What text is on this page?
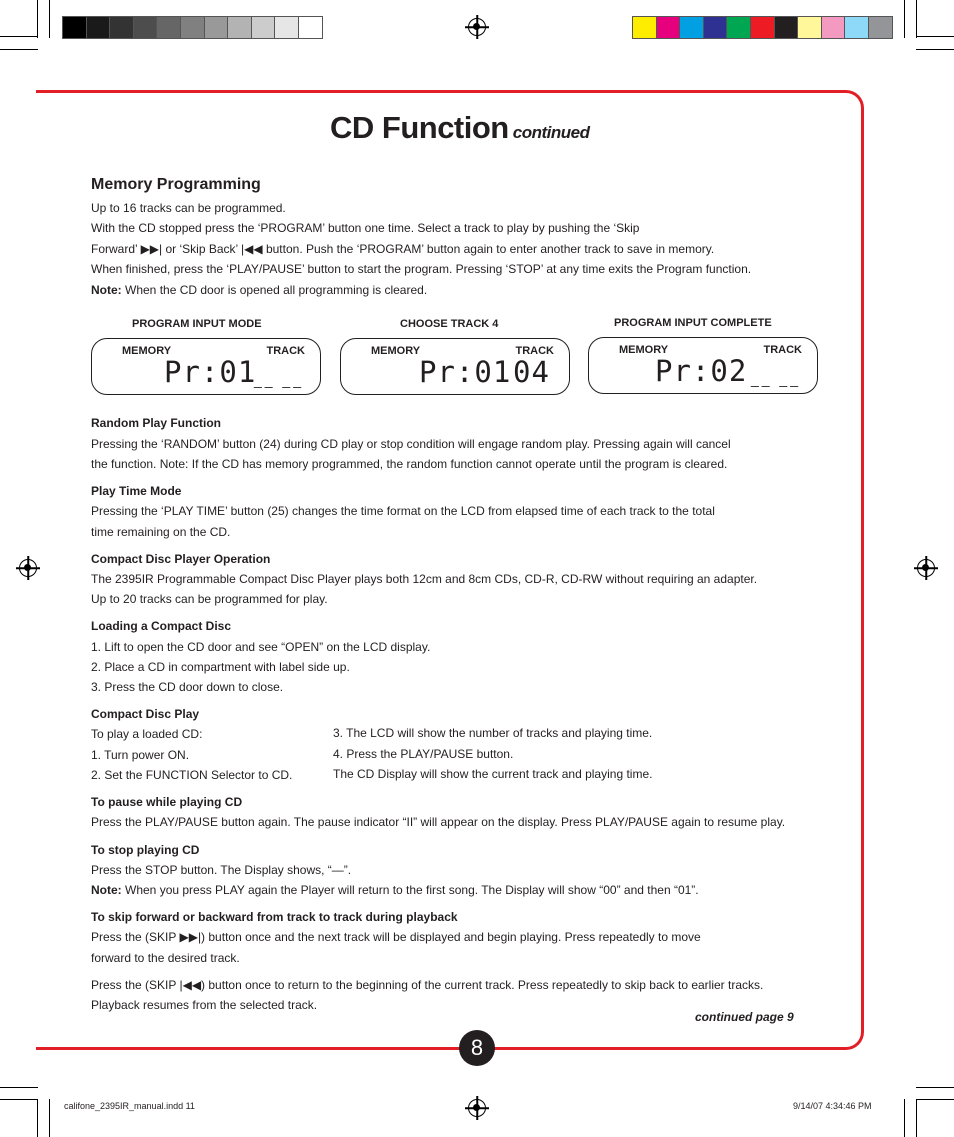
CD Function continued
Memory Programming
Up to 16 tracks can be programmed.
With the CD stopped press the ‘PROGRAM’ button one time. Select a track to play by pushing the ‘Skip
Forward’ ▶▶| or ‘Skip Back’ |◀◀ button. Push the ‘PROGRAM’ button again to enter another track to save in memory.
When finished, press the ‘PLAY/PAUSE’ button to start the program. Pressing ‘STOP’ at any time exits the Program function.
Note: When the CD door is opened all programming is cleared.
PROGRAM INPUT MODE
MEMORY	TRACK
Pr:01
__ __
CHOOSE TRACK 4
MEMORY	TRACK
Pr:01 04
PROGRAM INPUT COMPLETE
MEMORY	TRACK
Pr:02 __ __
Random Play Function
Pressing the ‘RANDOM’ button (24) during CD play or stop condition will engage random play. Pressing again will cancel
the function. Note: If the CD has memory programmed, the random function cannot operate until the program is cleared.
Play Time Mode
Pressing the ‘PLAY TIME’ button (25) changes the time format on the LCD from elapsed time of each track to the total
time remaining on the CD.
Compact Disc Player Operation
The 2395IR Programmable Compact Disc Player plays both 12cm and 8cm CDs, CD-R, CD-RW without requiring an adapter.
Up to 20 tracks can be programmed for play.
Loading a Compact Disc
1. Lift to open the CD door and see “OPEN” on the LCD display.
2. Place a CD in compartment with label side up.
3. Press the CD door down to close.
Compact Disc Play
To play a loaded CD:
1. Turn power ON.
2. Set the FUNCTION Selector to CD.
3. The LCD will show the number of tracks and playing time.
4. Press the PLAY/PAUSE button.
The CD Display will show the current track and playing time.
To pause while playing CD
Press the PLAY/PAUSE button again. The pause indicator “II” will appear on the display. Press PLAY/PAUSE again to resume play.
To stop playing CD
Press the STOP button. The Display shows, “—”.
Note: When you press PLAY again the Player will return to the first song. The Display will show “00” and then “01”.
To skip forward or backward from track to track during playback
Press the (SKIP ▶▶|) button once and the next track will be displayed and begin playing. Press repeatedly to move
forward to the desired track.
Press the (SKIP |◀◀) button once to return to the beginning of the current track. Press repeatedly to skip back to earlier tracks.
Playback resumes from the selected track.
continued page 9
8
califone_2395IR_manual.indd 11	9/14/07 4:34:46 PM
